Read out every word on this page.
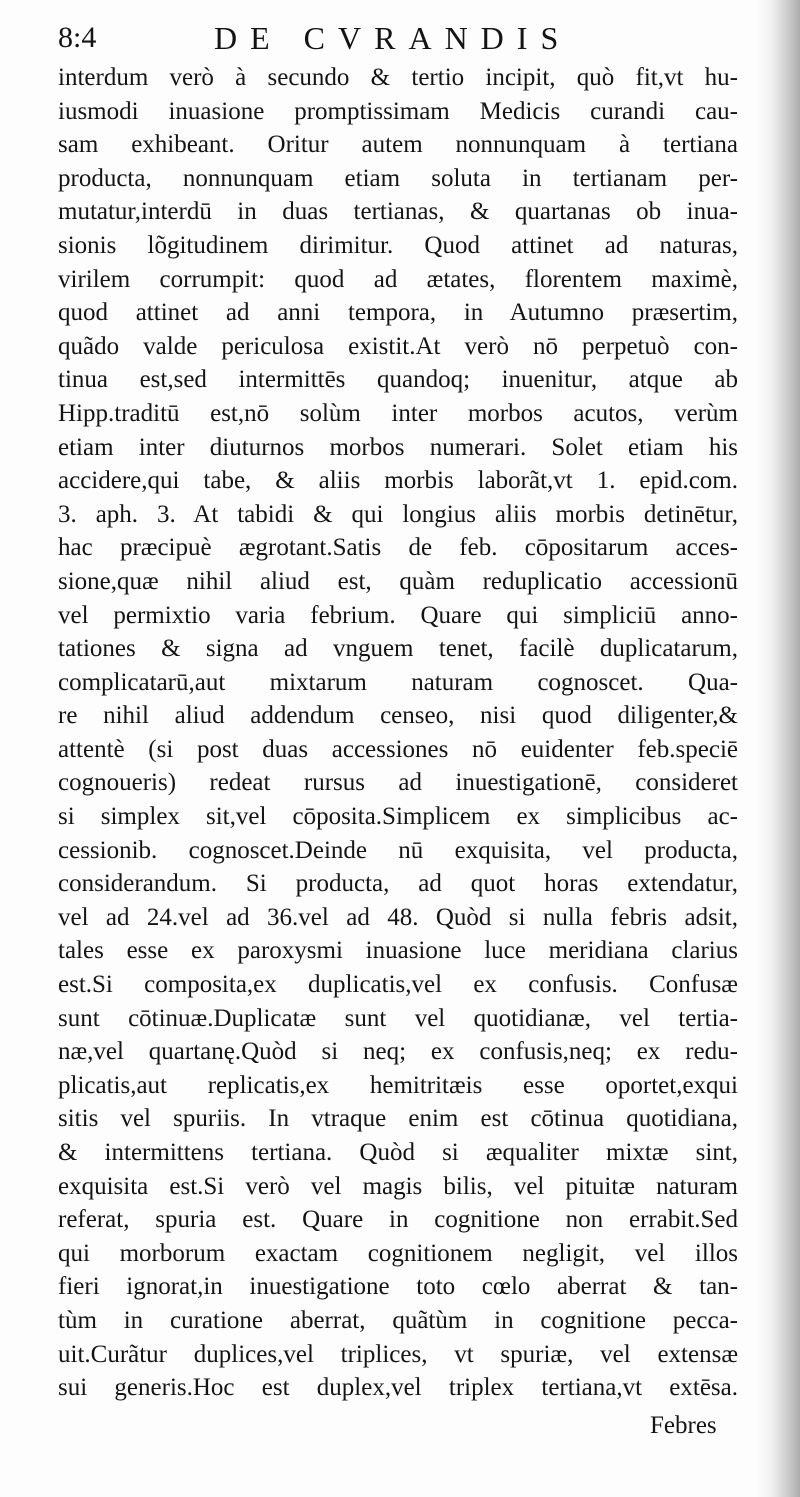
8:4	DE CVRANDIS
interdum verò à secundo & tertio incipit, quò fit,vt hu-
iusmodi inuasione promptissimam Medicis curandi cau-
sam exhibeant. Oritur autem nonnunquam à tertiana
producta, nonnunquam etiam soluta in tertianam per-
mutatur,interdū in duas tertianas, & quartanas ob inua-
sionis lõgitudinem dirimitur. Quod attinet ad naturas,
virilem corrumpit: quod ad ætates, florentem maximè,
quod attinet ad anni tempora, in Autumno præsertim,
quãdo valde periculosa existit.At verò nō perpetuò con-
tinua est,sed intermittēs quandoq; inuenitur, atque ab
Hipp.traditū est,nō solùm inter morbos acutos, verùm
etiam inter diuturnos morbos numerari. Solet etiam his
accidere,qui tabe, & aliis morbis laborãt,vt 1. epid.com.
3. aph. 3. At tabidi & qui longius aliis morbis detinētur,
hac præcipuè ægrotant.Satis de feb. cōpositarum acces-
sione,quæ nihil aliud est, quàm reduplicatio accessionū
vel permixtio varia febrium. Quare qui simpliciū anno-
tationes & signa ad vnguem tenet, facilè duplicatarum,
complicatarū,aut mixtarum naturam cognoscet. Qua-
re nihil aliud addendum censeo, nisi quod diligenter,&
attentè (si post duas accessiones nō euidenter feb.speciē
cognoueris) redeat rursus ad inuestigationē, consideret
si simplex sit,vel cōposita.Simplicem ex simplicibus ac-
cessionib. cognoscet.Deinde nū exquisita, vel producta,
considerandum. Si producta, ad quot horas extendatur,
vel ad 24.vel ad 36.vel ad 48. Quòd si nulla febris adsit,
tales esse ex paroxysmi inuasione luce meridiana clarius
est.Si composita,ex duplicatis,vel ex confusis. Confusæ
sunt cōtinuæ.Duplicatæ sunt vel quotidianæ, vel tertia-
næ,vel quartanę.Quòd si neq; ex confusis,neq; ex redu-
plicatis,aut replicatis,ex hemitritæis esse oportet,exqui
sitis vel spuriis. In vtraque enim est cōtinua quotidiana,
& intermittens tertiana. Quòd si æqualiter mixtæ sint,
exquisita est.Si verò vel magis bilis, vel pituitæ naturam
referat, spuria est. Quare in cognitione non errabit.Sed
qui morborum exactam cognitionem negligit, vel illos
fieri ignorat,in inuestigatione toto cœlo aberrat & tan-
tùm in curatione aberrat, quãtùm in cognitione pecca-
uit.Curãtur duplices,vel triplices, vt spuriæ, vel extensæ
sui generis.Hoc est duplex,vel triplex tertiana,vt extēsa.
Febres
